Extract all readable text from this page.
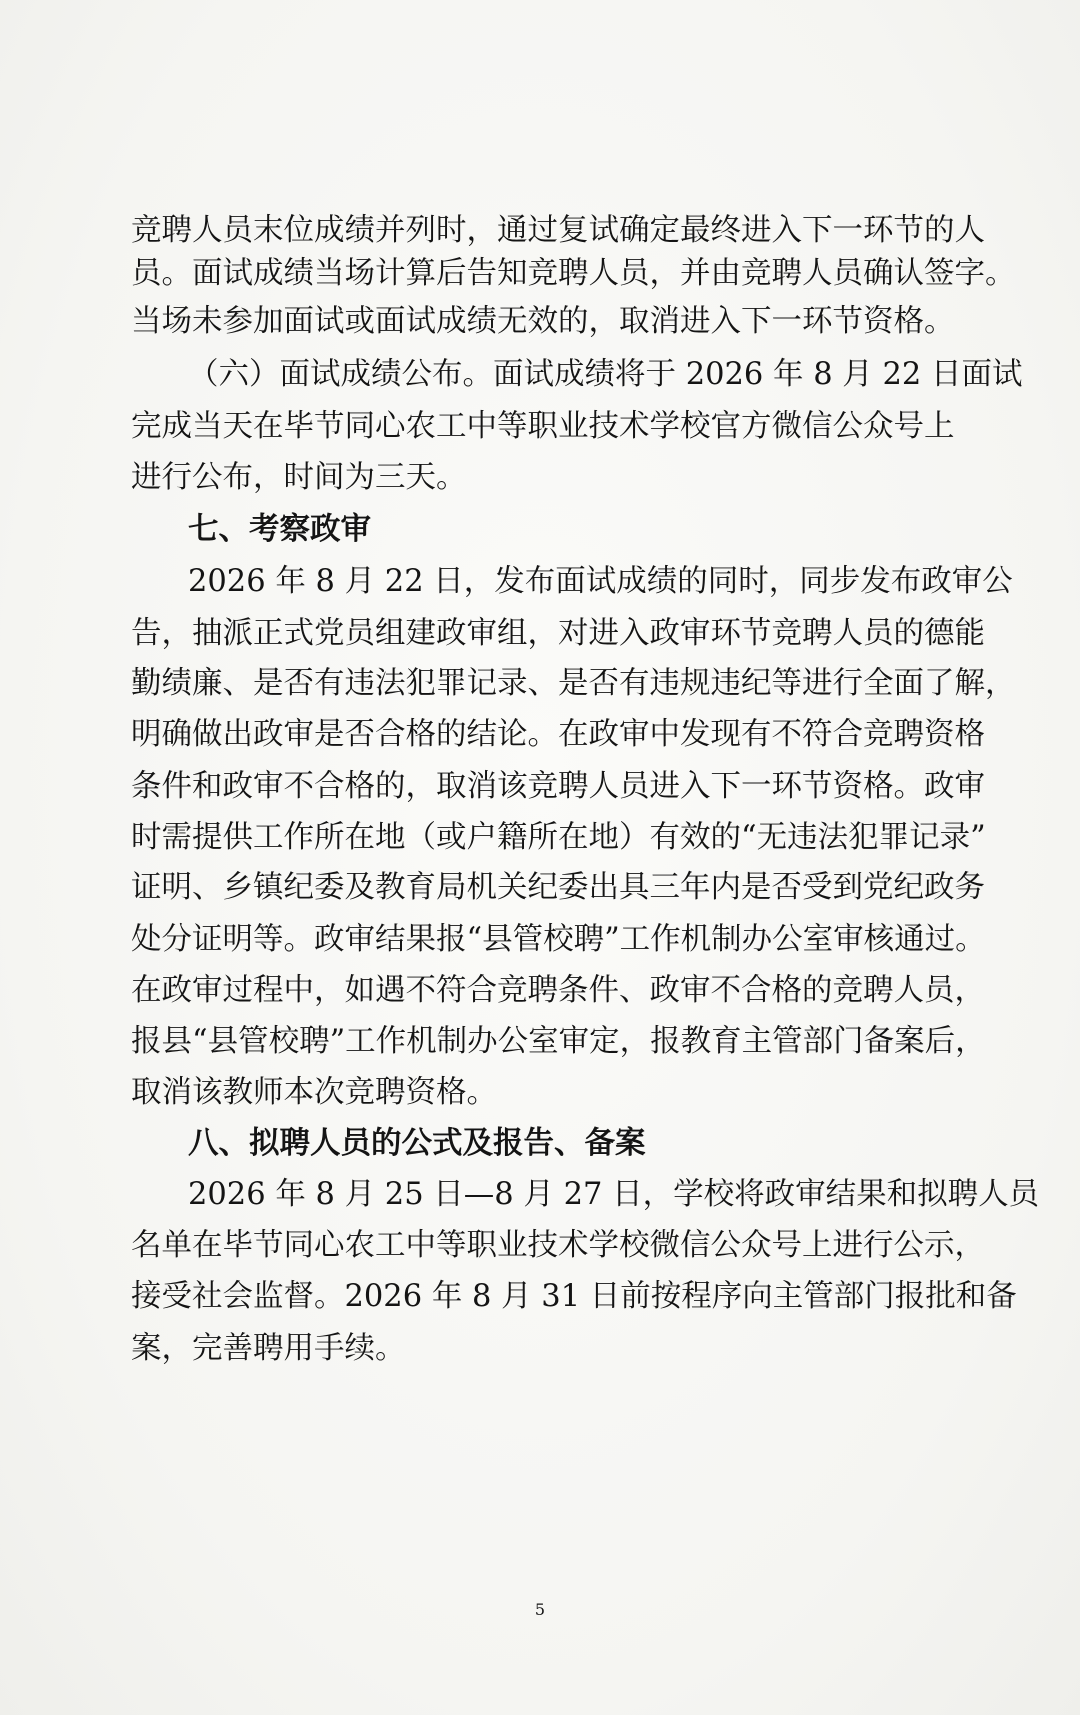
竞聘人员末位成绩并列时，通过复试确定最终进入下一环节的人
员。面试成绩当场计算后告知竞聘人员，并由竞聘人员确认签字。
当场未参加面试或面试成绩无效的，取消进入下一环节资格。
（六）面试成绩公布。面试成绩将于 2026 年 8 月 22 日面试
完成当天在毕节同心农工中等职业技术学校官方微信公众号上
进行公布，时间为三天。
七、考察政审
2026 年 8 月 22 日，发布面试成绩的同时，同步发布政审公
告，抽派正式党员组建政审组，对进入政审环节竞聘人员的德能
勤绩廉、是否有违法犯罪记录、是否有违规违纪等进行全面了解，
明确做出政审是否合格的结论。在政审中发现有不符合竞聘资格
条件和政审不合格的，取消该竞聘人员进入下一环节资格。政审
时需提供工作所在地（或户籍所在地）有效的“无违法犯罪记录”
证明、乡镇纪委及教育局机关纪委出具三年内是否受到党纪政务
处分证明等。政审结果报“县管校聘”工作机制办公室审核通过。
在政审过程中，如遇不符合竞聘条件、政审不合格的竞聘人员，
报县“县管校聘”工作机制办公室审定，报教育主管部门备案后，
取消该教师本次竞聘资格。
八、拟聘人员的公式及报告、备案
2026 年 8 月 25 日—8 月 27 日，学校将政审结果和拟聘人员
名单在毕节同心农工中等职业技术学校微信公众号上进行公示，
接受社会监督。2026 年 8 月 31 日前按程序向主管部门报批和备
案，完善聘用手续。
5
